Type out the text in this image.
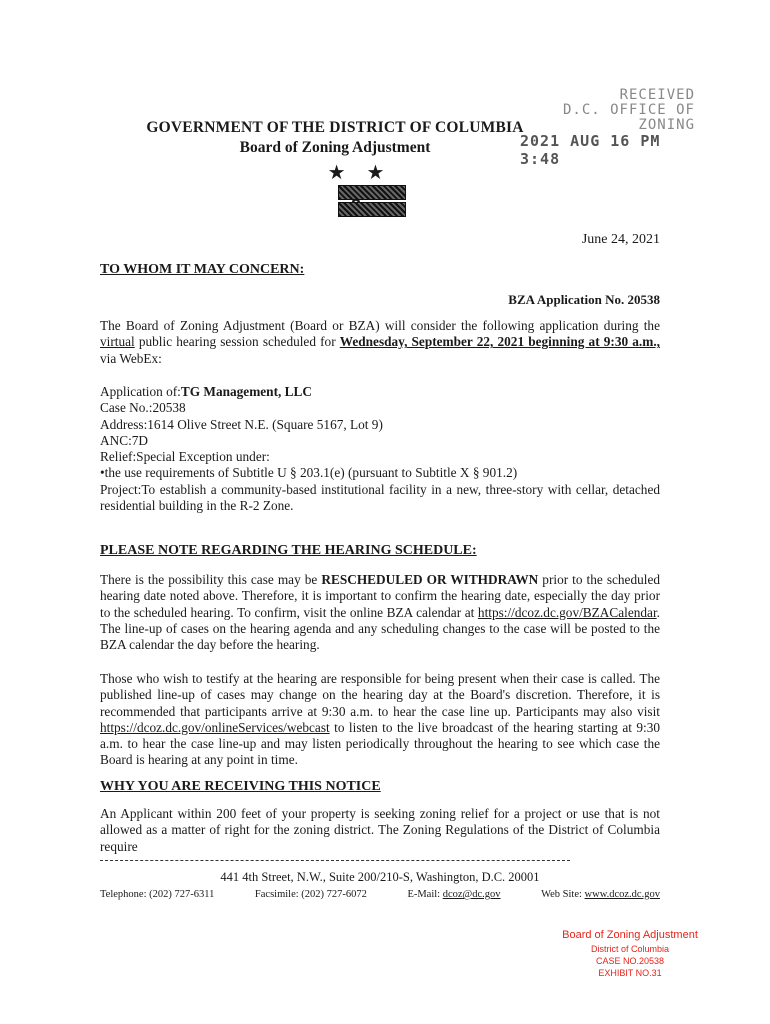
RECEIVED
D.C. OFFICE OF ZONING
2021 AUG 16 PM 3:48
GOVERNMENT OF THE DISTRICT OF COLUMBIA
Board of Zoning Adjustment
★ ★
June 24, 2021
TO WHOM IT MAY CONCERN:
BZA Application No. 20538

The Board of Zoning Adjustment (Board or BZA) will consider the following application during the virtual public hearing session scheduled for Wednesday, September 22, 2021 beginning at 9:30 a.m., via WebEx:

Application of:TG Management, LLC
Case No.:20538
Address:1614 Olive Street N.E. (Square 5167, Lot 9)
ANC:7D
Relief:Special Exception under:
•the use requirements of Subtitle U § 203.1(e) (pursuant to Subtitle X § 901.2)
Project:To establish a community-based institutional facility in a new, three-story with cellar, detached residential building in the R-2 Zone.
PLEASE NOTE REGARDING THE HEARING SCHEDULE:

There is the possibility this case may be RESCHEDULED OR WITHDRAWN prior to the scheduled hearing date noted above. Therefore, it is important to confirm the hearing date, especially the day prior to the scheduled hearing. To confirm, visit the online BZA calendar at https://dcoz.dc.gov/BZACalendar. The line-up of cases on the hearing agenda and any scheduling changes to the case will be posted to the BZA calendar the day before the hearing.

Those who wish to testify at the hearing are responsible for being present when their case is called. The published line-up of cases may change on the hearing day at the Board's discretion. Therefore, it is recommended that participants arrive at 9:30 a.m. to hear the case line up. Participants may also visit https://dcoz.dc.gov/onlineServices/webcast to listen to the live broadcast of the hearing starting at 9:30 a.m. to hear the case line-up and may listen periodically throughout the hearing to see which case the Board is hearing at any point in time.

WHY YOU ARE RECEIVING THIS NOTICE

An Applicant within 200 feet of your property is seeking zoning relief for a project or use that is not allowed as a matter of right for the zoning district. The Zoning Regulations of the District of Columbia require

441 4th Street, N.W., Suite 200/210-S, Washington, D.C. 20001
Telephone: (202) 727-6311	Facsimile: (202) 727-6072	E-Mail: dcoz@dc.gov	Web Site: www.dcoz.dc.gov
Board of Zoning Adjustment
District of Columbia
CASE NO.20538
EXHIBIT NO.31
